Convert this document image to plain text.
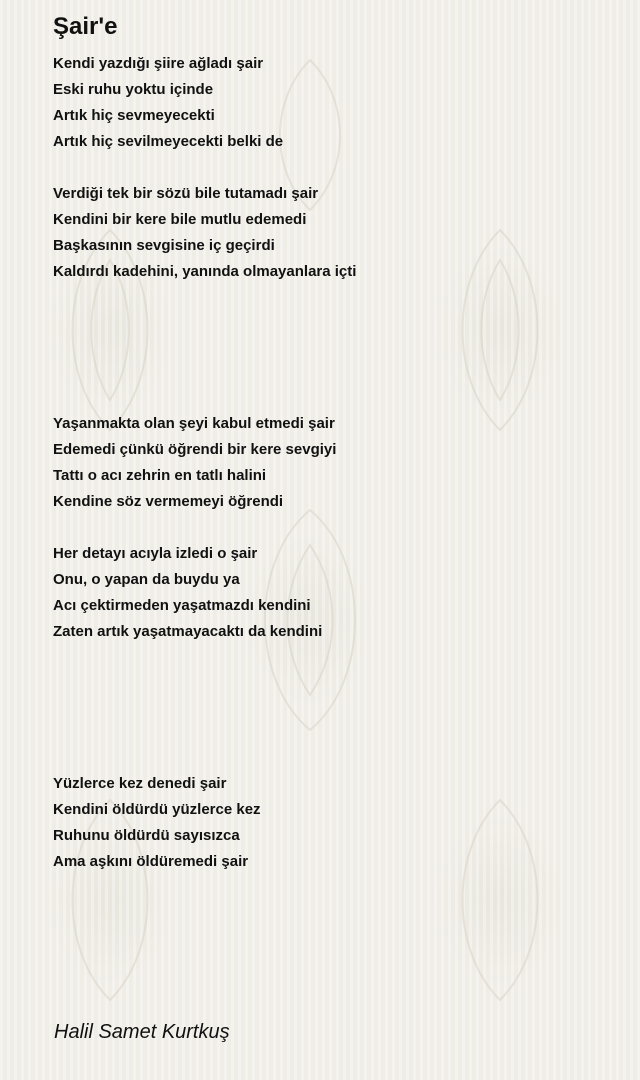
Şair'e
Kendi yazdığı şiire ağladı şair
Eski ruhu yoktu içinde
Artık hiç sevmeyecekti
Artık hiç sevilmeyecekti belki de
Verdiği tek bir sözü bile tutamadı şair
Kendini bir kere bile mutlu edemedi
Başkasının sevgisine iç geçirdi
Kaldırdı kadehini, yanında olmayanlara içti
Yaşanmakta olan şeyi kabul etmedi şair
Edemedi çünkü öğrendi bir kere sevgiyi
Tattı o acı zehrin en tatlı halini
Kendine söz vermemeyi öğrendi
Her detayı acıyla izledi o şair
Onu, o yapan da buydu ya
Acı çektirmeden yaşatmazdı kendini
Zaten artık yaşatmayacaktı da kendini
Yüzlerce kez denedi şair
Kendini öldürdü yüzlerce kez
Ruhunu öldürdü sayısızca
Ama aşkını öldüremedi şair
Halil Samet Kurtkuş
